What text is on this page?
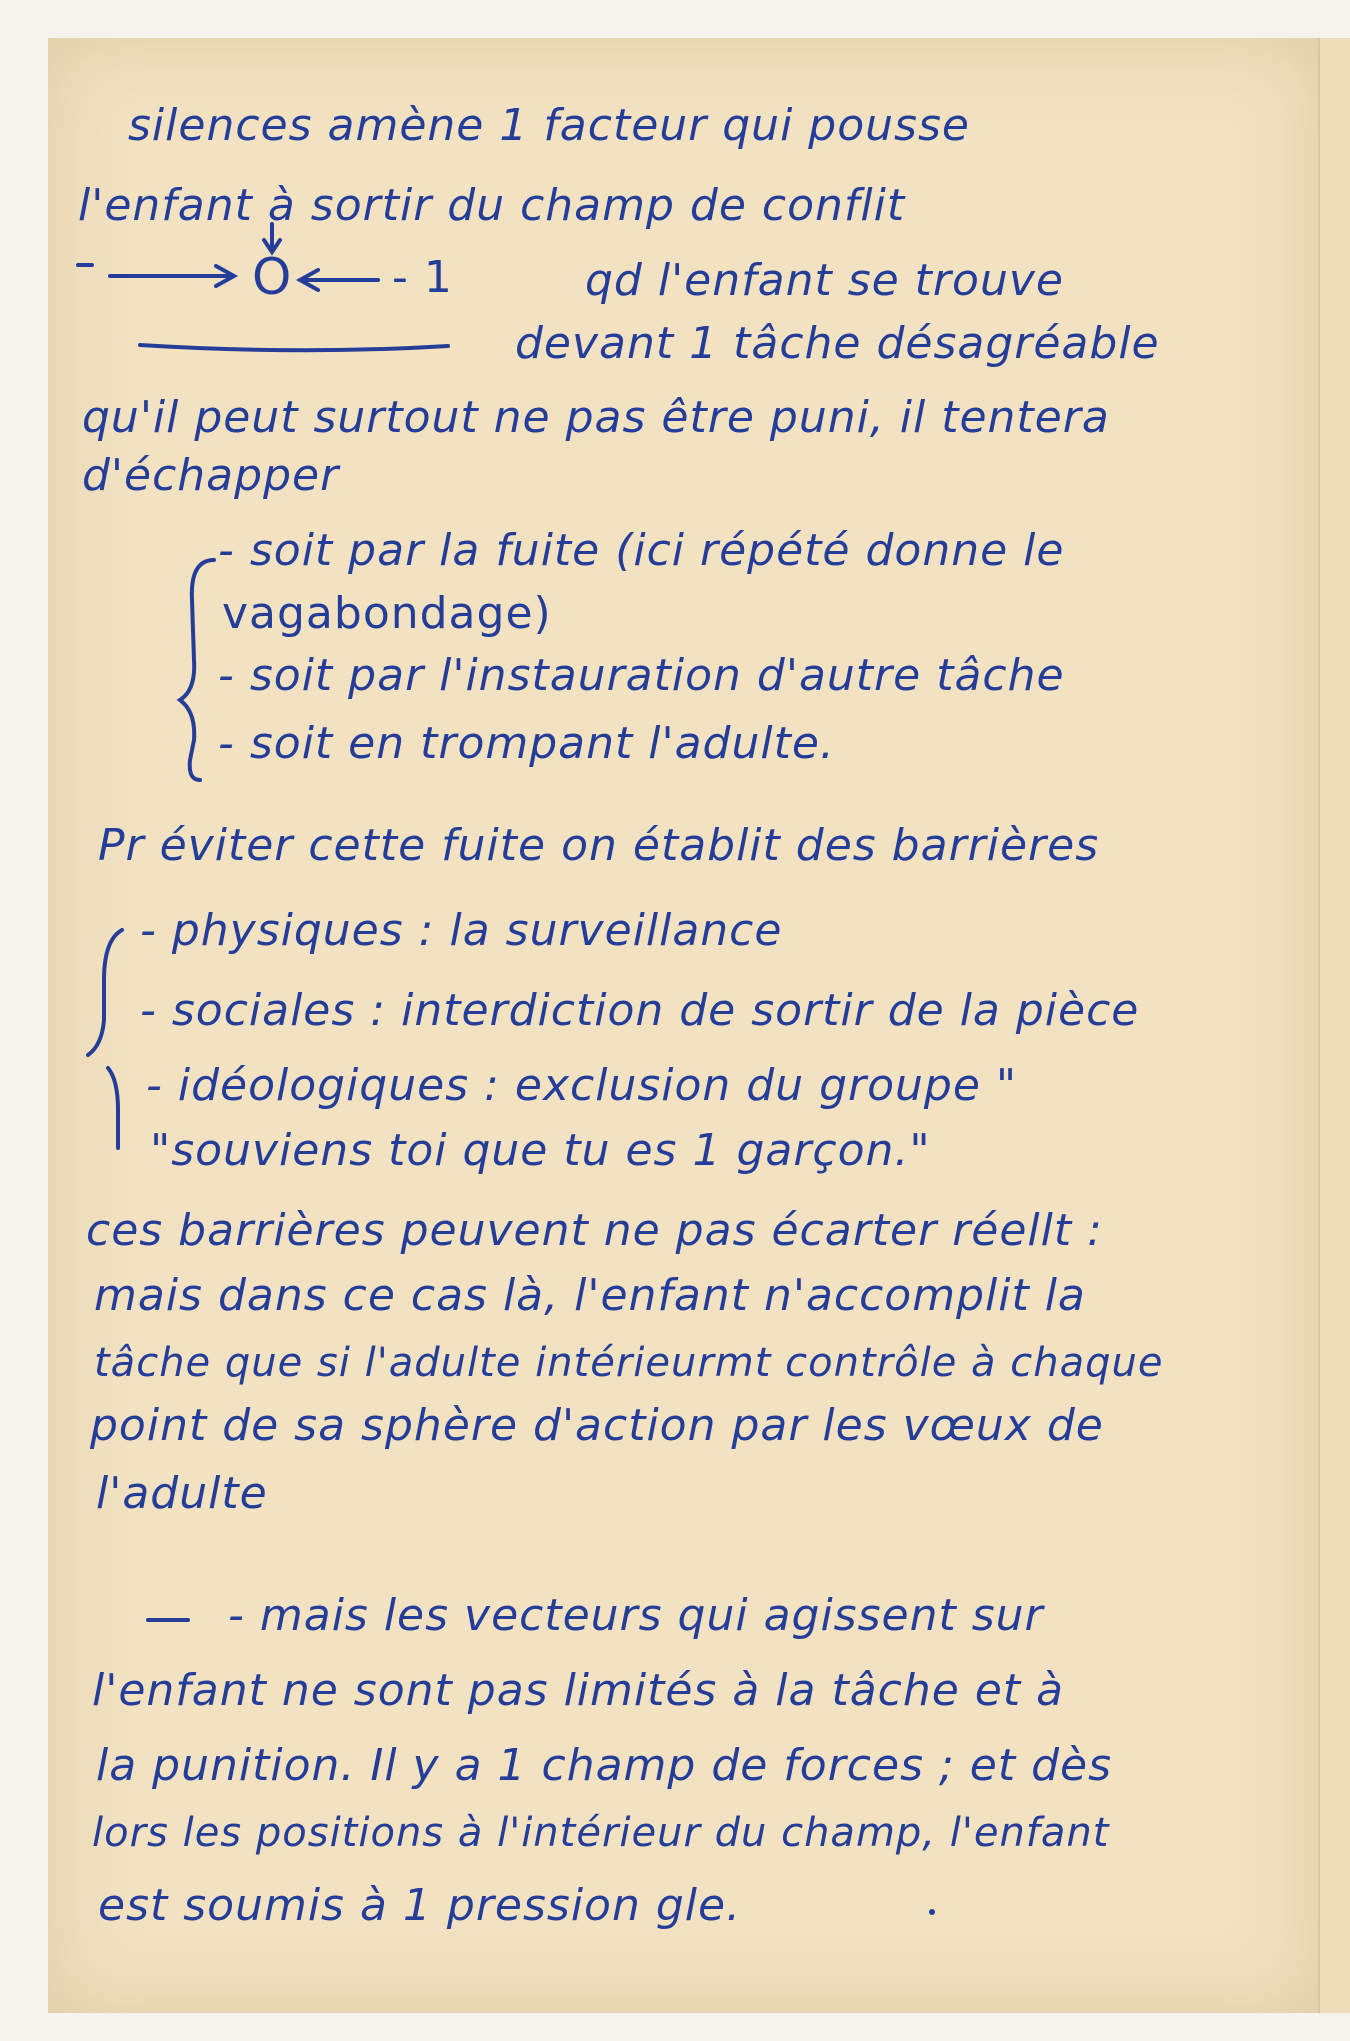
O - 1
silences amène 1 facteur qui pousse
l'enfant à sortir du champ de conflit
qd l'enfant se trouve
devant 1 tâche désagréable
qu'il peut surtout ne pas être puni, il tentera
d'échapper
- soit par la fuite (ici répété donne le
vagabondage)
- soit par l'instauration d'autre tâche
- soit en trompant l'adulte.
Pr éviter cette fuite on établit des barrières
- physiques : la surveillance
- sociales : interdiction de sortir de la pièce
- idéologiques : exclusion du groupe "
"souviens toi que tu es 1 garçon."
ces barrières peuvent ne pas écarter réellt :
mais dans ce cas là, l'enfant n'accomplit la
tâche que si l'adulte intérieurmt contrôle à chaque
point de sa sphère d'action par les vœux de
l'adulte
- mais les vecteurs qui agissent sur
l'enfant ne sont pas limités à la tâche et à
la punition. Il y a 1 champ de forces ; et dès
lors les positions à l'intérieur du champ, l'enfant
est soumis à 1 pression gle.
